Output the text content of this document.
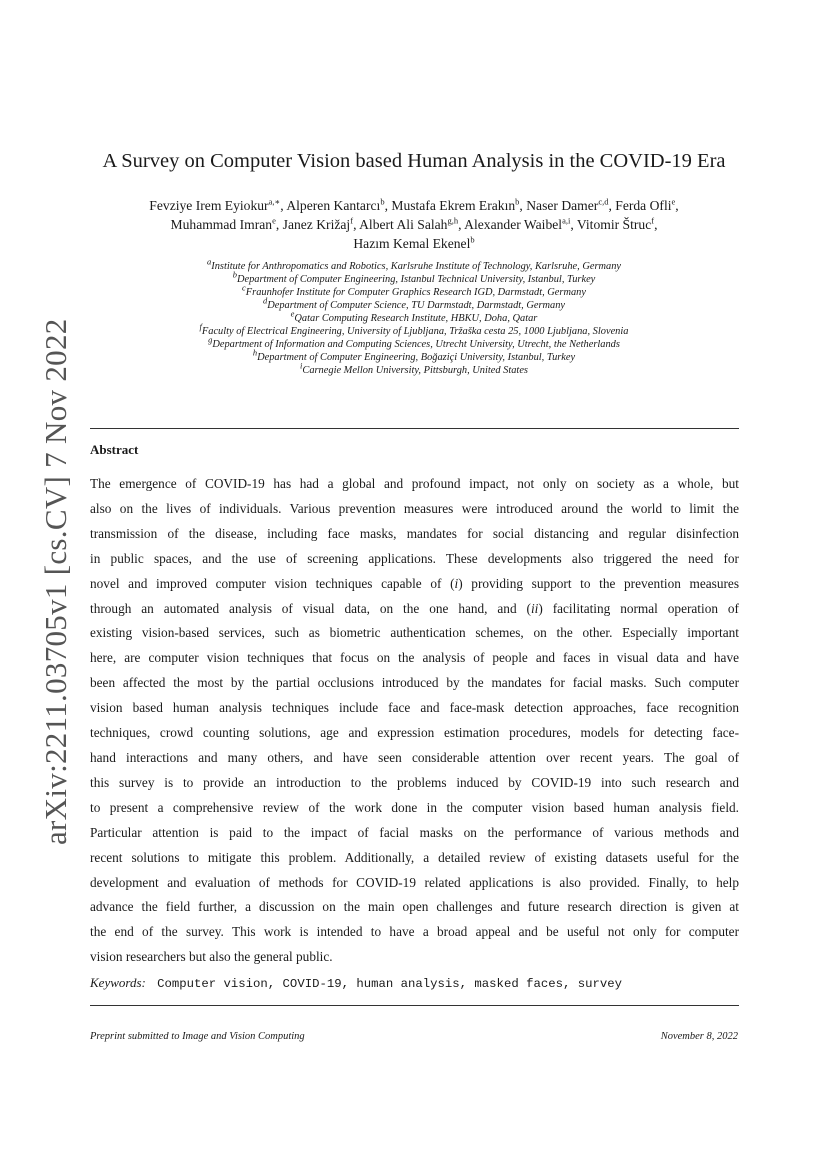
arXiv:2211.03705v1 [cs.CV] 7 Nov 2022
A Survey on Computer Vision based Human Analysis in the COVID-19 Era
Fevziye Irem Eyiokur$^{a,∗}$, Alperen Kantarcı$^b$, Mustafa Ekrem Erakın$^b$, Naser Damer$^{c,d}$, Ferda Ofli$^e$,
Muhammad Imran$^e$, Janez Križaj$^f$, Albert Ali Salah$^{g,h}$, Alexander Waibel$^{a,i}$, Vitomir Štruc$^f$,
Hazım Kemal Ekenel$^b$
$^a$Institute for Anthropomatics and Robotics, Karlsruhe Institute of Technology, Karlsruhe, Germany
$^b$Department of Computer Engineering, Istanbul Technical University, Istanbul, Turkey
$^c$Fraunhofer Institute for Computer Graphics Research IGD, Darmstadt, Germany
$^d$Department of Computer Science, TU Darmstadt, Darmstadt, Germany
$^e$Qatar Computing Research Institute, HBKU, Doha, Qatar
$^f$Faculty of Electrical Engineering, University of Ljubljana, Tržaška cesta 25, 1000 Ljubljana, Slovenia
$^g$Department of Information and Computing Sciences, Utrecht University, Utrecht, the Netherlands
$^h$Department of Computer Engineering, Boğaziçi University, Istanbul, Turkey
$^i$Carnegie Mellon University, Pittsburgh, United States
Abstract
The emergence of COVID-19 has had a global and profound impact, not only on society as a whole, but
also on the lives of individuals. Various prevention measures were introduced around the world to limit the
transmission of the disease, including face masks, mandates for social distancing and regular disinfection
in public spaces, and the use of screening applications. These developments also triggered the need for
novel and improved computer vision techniques capable of (i) providing support to the prevention measures
through an automated analysis of visual data, on the one hand, and (ii) facilitating normal operation of
existing vision-based services, such as biometric authentication schemes, on the other. Especially important
here, are computer vision techniques that focus on the analysis of people and faces in visual data and have
been affected the most by the partial occlusions introduced by the mandates for facial masks. Such computer
vision based human analysis techniques include face and face-mask detection approaches, face recognition
techniques, crowd counting solutions, age and expression estimation procedures, models for detecting face-
hand interactions and many others, and have seen considerable attention over recent years. The goal of
this survey is to provide an introduction to the problems induced by COVID-19 into such research and
to present a comprehensive review of the work done in the computer vision based human analysis field.
Particular attention is paid to the impact of facial masks on the performance of various methods and
recent solutions to mitigate this problem. Additionally, a detailed review of existing datasets useful for the
development and evaluation of methods for COVID-19 related applications is also provided. Finally, to help
advance the field further, a discussion on the main open challenges and future research direction is given at
the end of the survey. This work is intended to have a broad appeal and be useful not only for computer
vision researchers but also the general public.
Keywords: Computer vision, COVID-19, human analysis, masked faces, survey
Preprint submitted to Image and Vision Computing	November 8, 2022
